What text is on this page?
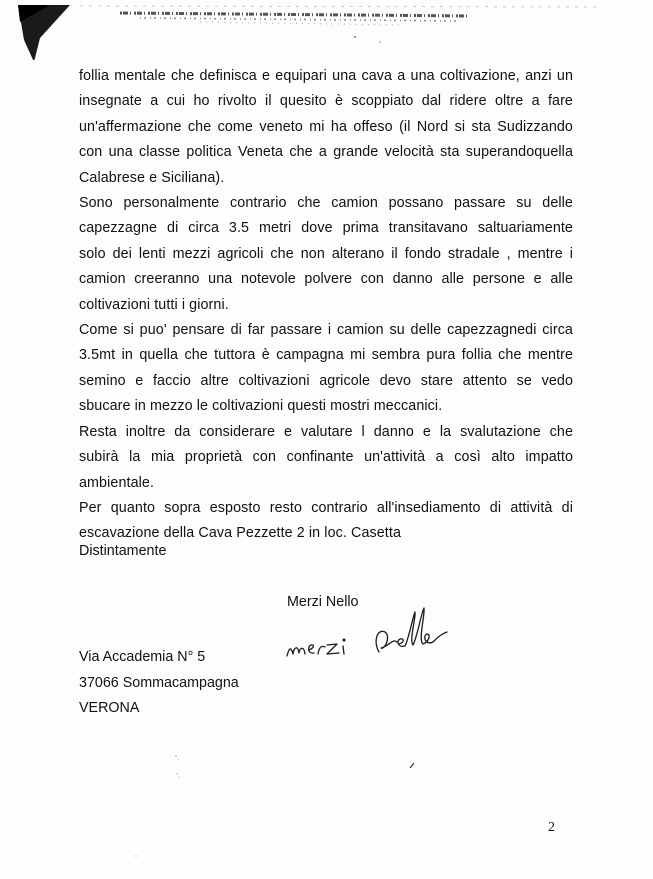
follia mentale che definisca e equipari una cava a una coltivazione, anzi un
insegnate a cui ho rivolto il quesito è scoppiato dal ridere oltre a fare
un'affermazione che come veneto mi ha offeso (il Nord si sta Sudizzando
con una classe politica Veneta che a grande velocità sta superandoquella
Calabrese e Siciliana).

Sono personalmente contrario che camion possano passare su delle
capezzagne di circa 3.5 metri dove prima transitavano saltuariamente
solo dei lenti mezzi agricoli che non alterano il fondo stradale , mentre i
camion creeranno una notevole polvere con danno alle persone e alle
coltivazioni tutti i giorni.

Come si puo' pensare di far passare i camion su delle capezzagnedi circa
3.5mt in quella che tuttora è campagna mi sembra pura follia che mentre
semino e faccio altre coltivazioni agricole devo stare attento se vedo
sbucare in mezzo le coltivazioni questi mostri meccanici.

Resta inoltre da considerare e valutare l danno e la svalutazione che
subirà la mia proprietà con confinante un'attività a così alto impatto
ambientale.

Per quanto sopra esposto resto contrario all'insediamento di attività di
escavazione della Cava Pezzette 2 in loc. Casetta

Distintamente

Merzi Nello

Via Accademia N° 5
37066 Sommacampagna
VERONA

2
